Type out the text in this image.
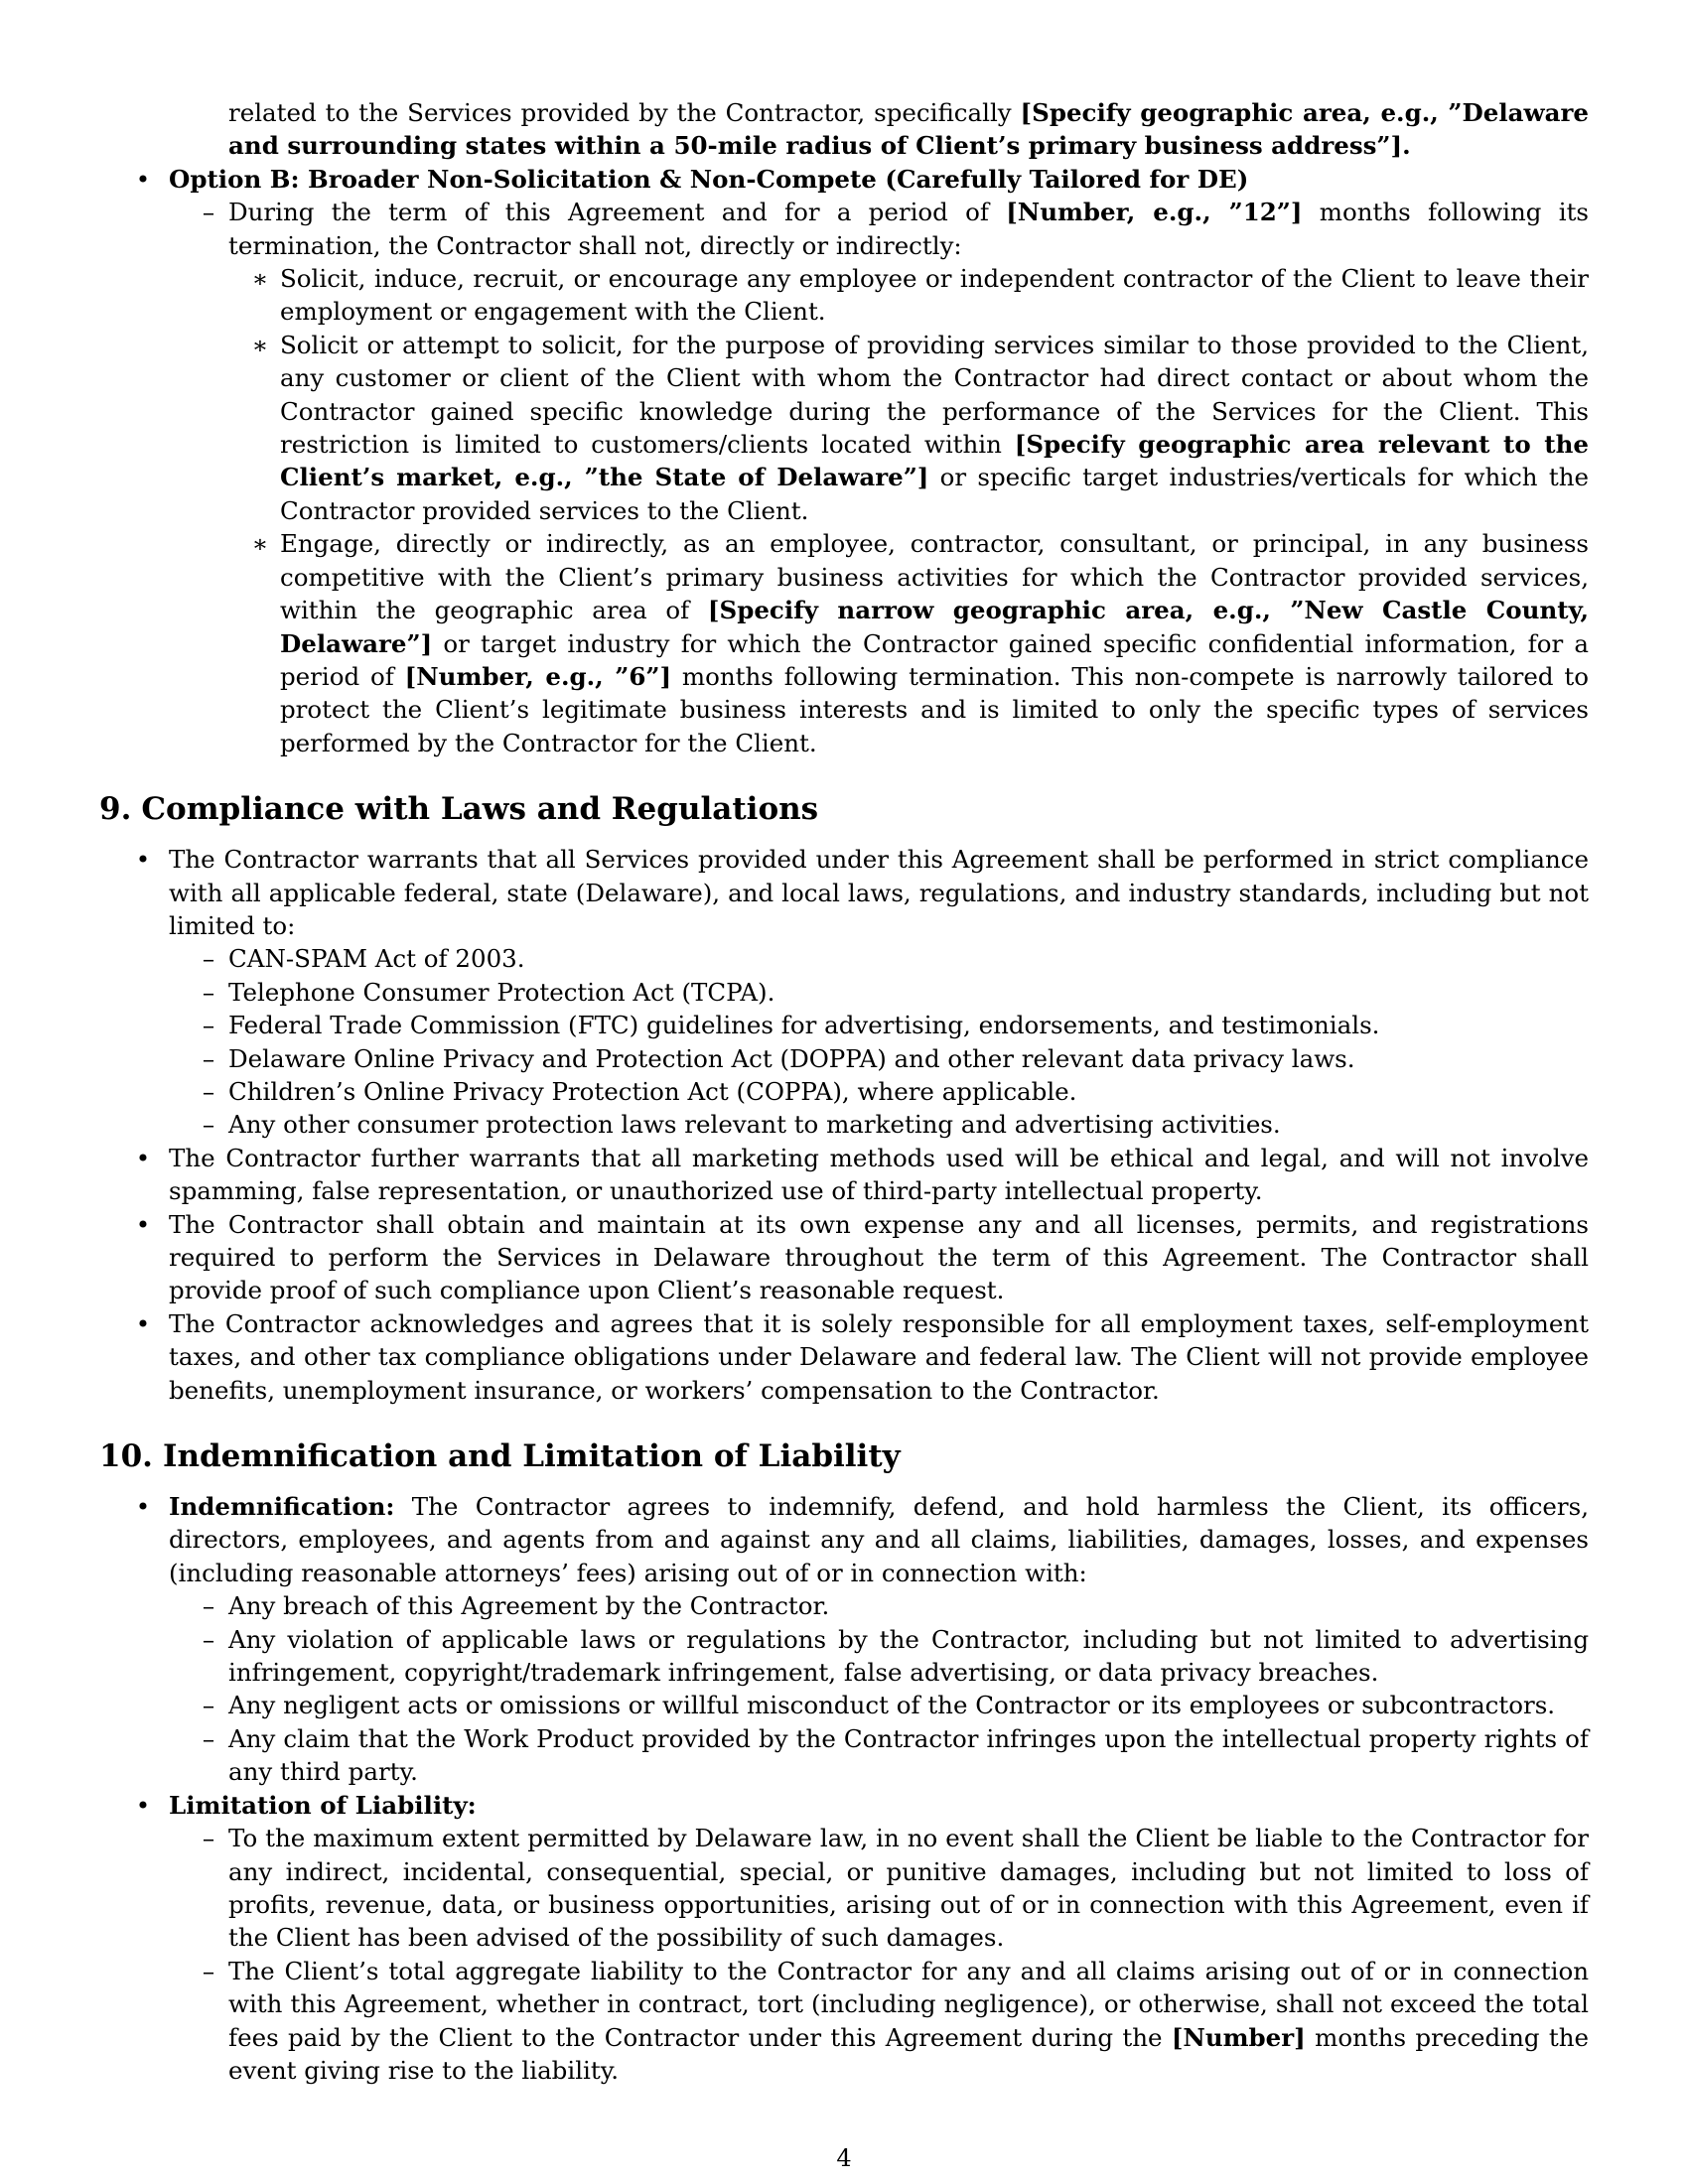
related to the Services provided by the Contractor, specifically [Specify geographic area, e.g., ”Delaware and surrounding states within a 50-mile radius of Client’s primary business address”].

• Option B: Broader Non-Solicitation & Non-Compete (Carefully Tailored for DE)
– During the term of this Agreement and for a period of [Number, e.g., ”12”] months following its termination, the Contractor shall not, directly or indirectly:
∗ Solicit, induce, recruit, or encourage any employee or independent contractor of the Client to leave their employment or engagement with the Client.
∗ Solicit or attempt to solicit, for the purpose of providing services similar to those provided to the Client, any customer or client of the Client with whom the Contractor had direct contact or about whom the Contractor gained specific knowledge during the performance of the Services for the Client. This restriction is limited to customers/clients located within [Specify geographic area relevant to the Client’s market, e.g., ”the State of Delaware”] or specific target industries/verticals for which the Contractor provided services to the Client.
∗ Engage, directly or indirectly, as an employee, contractor, consultant, or principal, in any business competitive with the Client’s primary business activities for which the Contractor provided services, within the geographic area of [Specify narrow geographic area, e.g., ”New Castle County, Delaware”] or target industry for which the Contractor gained specific confidential information, for a period of [Number, e.g., ”6”] months following termination. This non-compete is narrowly tailored to protect the Client’s legitimate business interests and is limited to only the specific types of services performed by the Contractor for the Client.
9. Compliance with Laws and Regulations
• The Contractor warrants that all Services provided under this Agreement shall be performed in strict compliance with all applicable federal, state (Delaware), and local laws, regulations, and industry standards, including but not limited to:
– CAN-SPAM Act of 2003.
– Telephone Consumer Protection Act (TCPA).
– Federal Trade Commission (FTC) guidelines for advertising, endorsements, and testimonials.
– Delaware Online Privacy and Protection Act (DOPPA) and other relevant data privacy laws.
– Children’s Online Privacy Protection Act (COPPA), where applicable.
– Any other consumer protection laws relevant to marketing and advertising activities.
• The Contractor further warrants that all marketing methods used will be ethical and legal, and will not involve spamming, false representation, or unauthorized use of third-party intellectual property.
• The Contractor shall obtain and maintain at its own expense any and all licenses, permits, and registrations required to perform the Services in Delaware throughout the term of this Agreement. The Contractor shall provide proof of such compliance upon Client’s reasonable request.
• The Contractor acknowledges and agrees that it is solely responsible for all employment taxes, self-employment taxes, and other tax compliance obligations under Delaware and federal law. The Client will not provide employee benefits, unemployment insurance, or workers’ compensation to the Contractor.
10. Indemnification and Limitation of Liability
• Indemnification: The Contractor agrees to indemnify, defend, and hold harmless the Client, its officers, directors, employees, and agents from and against any and all claims, liabilities, damages, losses, and expenses (including reasonable attorneys’ fees) arising out of or in connection with:
– Any breach of this Agreement by the Contractor.
– Any violation of applicable laws or regulations by the Contractor, including but not limited to advertising infringement, copyright/trademark infringement, false advertising, or data privacy breaches.
– Any negligent acts or omissions or willful misconduct of the Contractor or its employees or subcontractors.
– Any claim that the Work Product provided by the Contractor infringes upon the intellectual property rights of any third party.
• Limitation of Liability:
– To the maximum extent permitted by Delaware law, in no event shall the Client be liable to the Contractor for any indirect, incidental, consequential, special, or punitive damages, including but not limited to loss of profits, revenue, data, or business opportunities, arising out of or in connection with this Agreement, even if the Client has been advised of the possibility of such damages.
– The Client’s total aggregate liability to the Contractor for any and all claims arising out of or in connection with this Agreement, whether in contract, tort (including negligence), or otherwise, shall not exceed the total fees paid by the Client to the Contractor under this Agreement during the [Number] months preceding the event giving rise to the liability.
4
